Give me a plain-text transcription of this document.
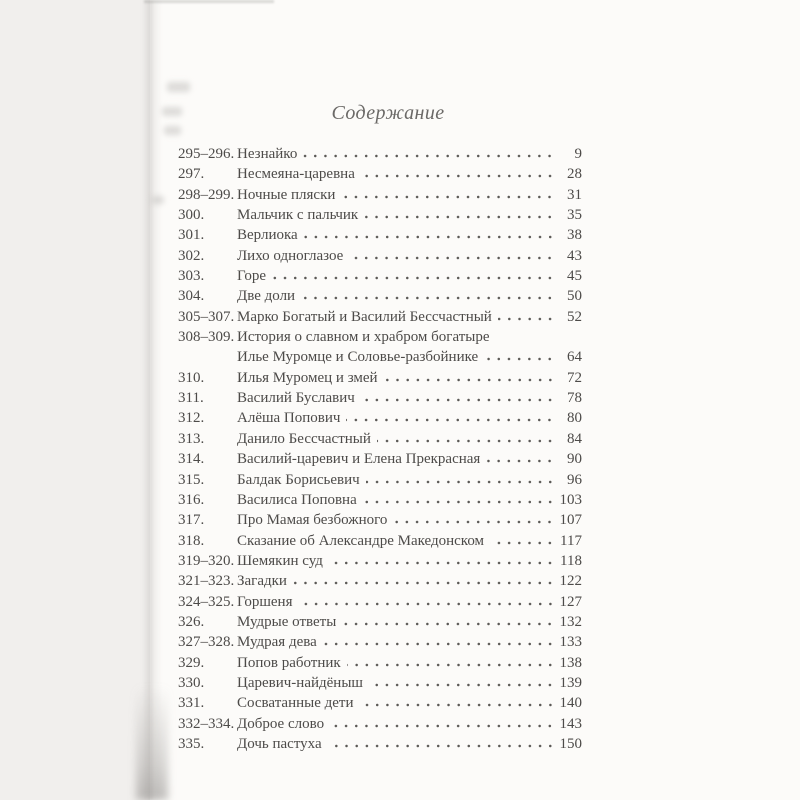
Содержание
295–296. Незнайко	9
297.	Несмеяна-царевна	28
298–299. Ночные пляски	31
300.	Мальчик с пальчик	35
301.	Верлиока	38
302.	Лихо одноглазое	43
303.	Горе	45
304.	Две доли	50
305–307. Марко Богатый и Василий Бессчастный	52
308–309. История о славном и храбром богатыре
Илье Муромце и Соловье-разбойнике	64
310.	Илья Муромец и змей	72
311.	Василий Буславич	78
312.	Алёша Попович	80
313.	Данило Бессчастный	84
314.	Василий-царевич и Елена Прекрасная	90
315.	Балдак Борисьевич	96
316.	Василиса Поповна	103
317.	Про Мамая безбожного	107
318.	Сказание об Александре Македонском	117
319–320. Шемякин суд	118
321–323. Загадки	122
324–325. Горшеня	127
326.	Мудрые ответы	132
327–328. Мудрая дева	133
329.	Попов работник	138
330.	Царевич-найдёныш	139
331.	Сосватанные дети	140
332–334. Доброе слово	143
335.	Дочь пастуха	150
